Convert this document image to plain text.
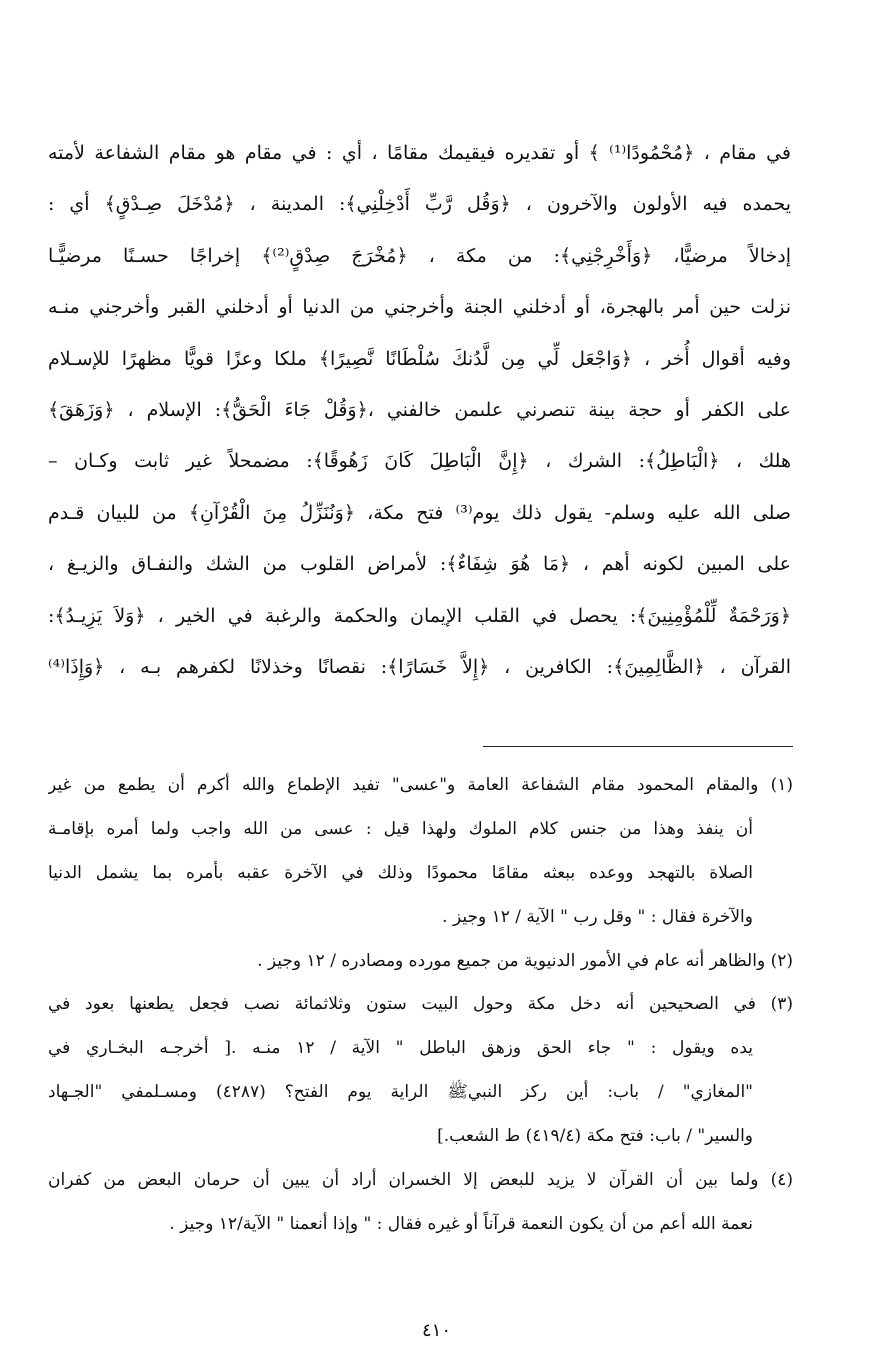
في مقام ، ﴿مُحْمُودًا⁽¹⁾ ﴾ أو تقديره فيقيمك مقامًا ، أي : في مقام هو مقام الشفاعة لأمته
يحمده فيه الأولون والآخرون ، ﴿وَقُل رَّبِّ أَدْخِلْنِي﴾: المدينة ، ﴿مُدْخَلَ صِـدْقٍ﴾ أي :
إدخالاً مرضيًّا، ﴿وَأَخْرِجْنِي﴾: من مكة ، ﴿مُخْرَجَ صِدْقٍ⁽²⁾﴾ إخراجًا حسـنًا مرضيًّـا
نزلت حين أمر بالهجرة، أو أدخلني الجنة وأخرجني من الدنيا أو أدخلني القبر وأخرجني منـه
وفيه أقوال أُخر ، ﴿وَاجْعَل لِّي مِن لَّدُنكَ سُلْطَانًا نَّصِيرًا﴾ ملكا وعزًا قويًّا مظهرًا للإسـلام
على الكفر أو حجة بينة تنصرني علىمن خالفني ،﴿وَقُلْ جَاءَ الْحَقُّ﴾: الإسلام ، ﴿وَزَهَقَ﴾
هلك ، ﴿الْبَاطِلُ﴾: الشرك ، ﴿إِنَّ الْبَاطِلَ كَانَ زَهُوقًا﴾: مضمحلاً غير ثابت وكـان –
صلى الله عليه وسلم- يقول ذلك يوم⁽³⁾ فتح مكة، ﴿وَنُنَزِّلُ مِنَ الْقُرْآنِ﴾ من للبيان قـدم
على المبين لكونه أهم ، ﴿مَا هُوَ شِفَاءٌ﴾: لأمراض القلوب من الشك والنفـاق والزيـغ ،
﴿وَرَحْمَةٌ لِّلْمُؤْمِنِينَ﴾: يحصل في القلب الإيمان والحكمة والرغبة في الخير ، ﴿وَلاَ يَزِيـدُ﴾:
القرآن ، ﴿الظَّالِمِينَ﴾: الكافرين ، ﴿إِلاَّ خَسَارًا﴾: نقصانًا وخذلانًا لكفرهم بـه ، ﴿وَإِذَا⁽⁴⁾
(١) والمقام المحمود مقام الشفاعة العامة و"عسى" تفيد الإطماع والله أكرم أن يطمع من غير
أن ينفذ وهذا من جنس كلام الملوك ولهذا قيل : عسى من الله واجب ولما أمره بإقامـة
الصلاة بالتهجد ووعده ببعثه مقامًا محمودًا وذلك في الآخرة عقبه بأمره بما يشمل الدنيا
والآخرة فقال : " وقل رب " الآية / ١٢ وجيز .
(٢) والظاهر أنه عام في الأمور الدنيوية من جميع مورده ومصادره / ١٢ وجيز .
(٣) في الصحيحين أنه دخل مكة وحول البيت ستون وثلاثمائة نصب فجعل يطعنها بعود في
يده ويقول : " جاء الحق وزهق الباطل " الآية / ١٢ منـه .[ أخرجـه البخـاري في
"المغازي" / باب: أين ركز النبيﷺ الراية يوم الفتح؟ (٤٢٨٧) ومسـلمفي "الجـهاد
والسير" / باب: فتح مكة (٤١٩/٤) ط الشعب.]
(٤) ولما بين أن القرآن لا يزيد للبعض إلا الخسران أراد أن يبين أن حرمان البعض من كفران
نعمة الله أعم من أن يكون النعمة قرآناً أو غيره فقال : " وإذا أنعمنا " الآية/١٢ وجيز .
٤١٠
